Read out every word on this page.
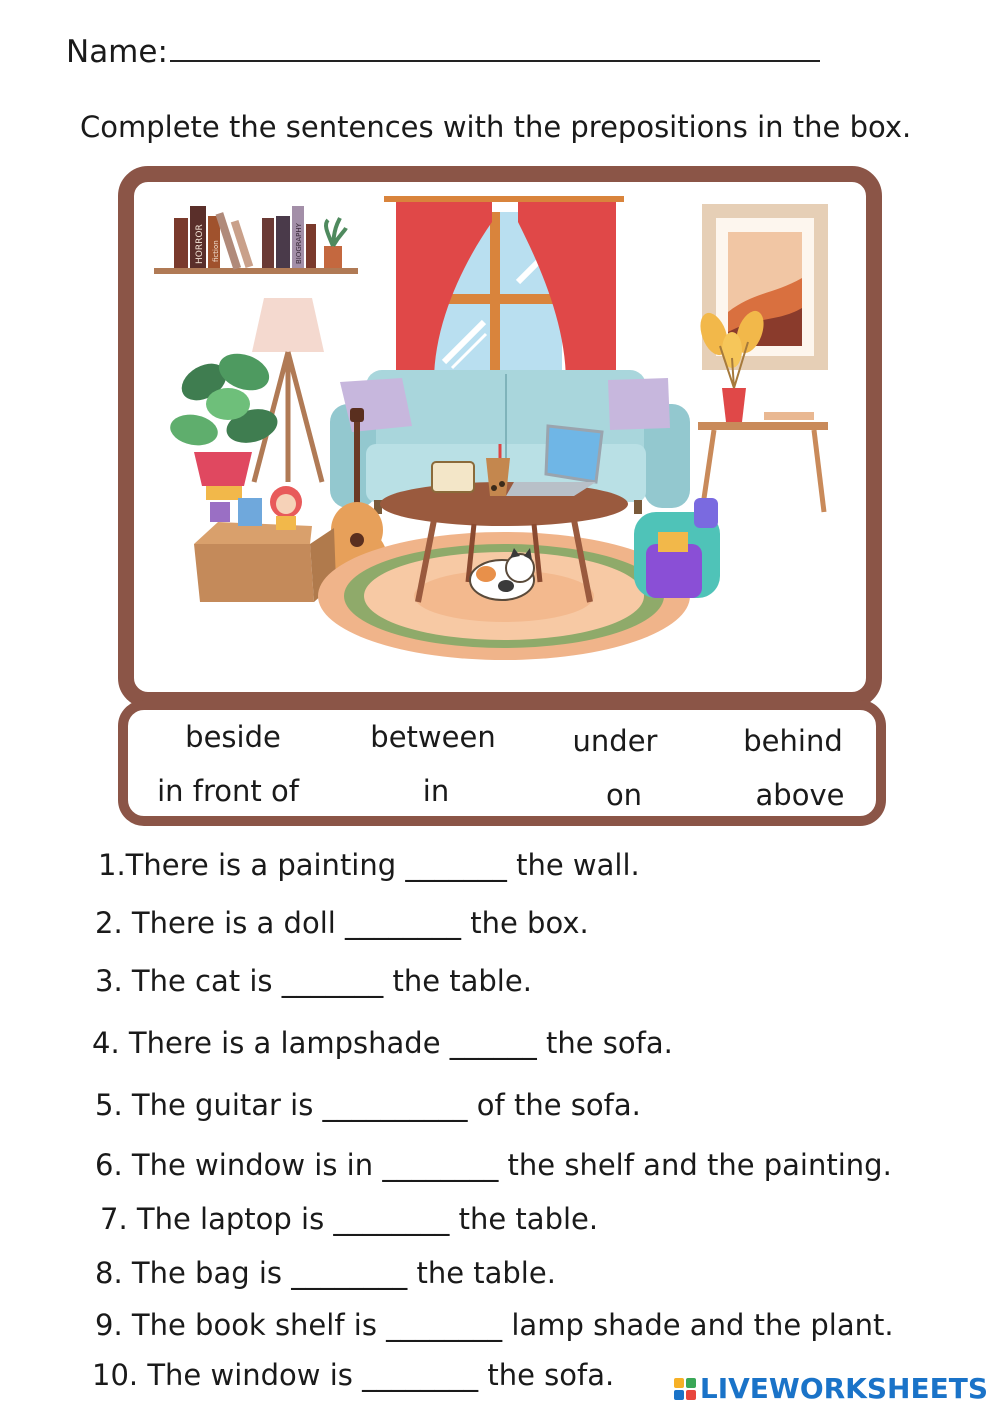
Name:
Complete the sentences with the prepositions in the box.
HORROR fiction	BIOGRAPHY
beside	between	under	behind
in front of	in	on	above
1.There is a painting _______ the wall.
2. There is a doll ________ the box.
3. The cat is _______ the table.
4. There is a lampshade ______ the sofa.
5. The guitar is __________ of the sofa.
6. The window is in ________ the shelf and the painting.
7. The laptop is ________ the table.
8. The bag is ________ the table.
9. The book shelf is ________ lamp shade and the plant.
10. The window is ________ the sofa.	LIVEWORKSHEETS
